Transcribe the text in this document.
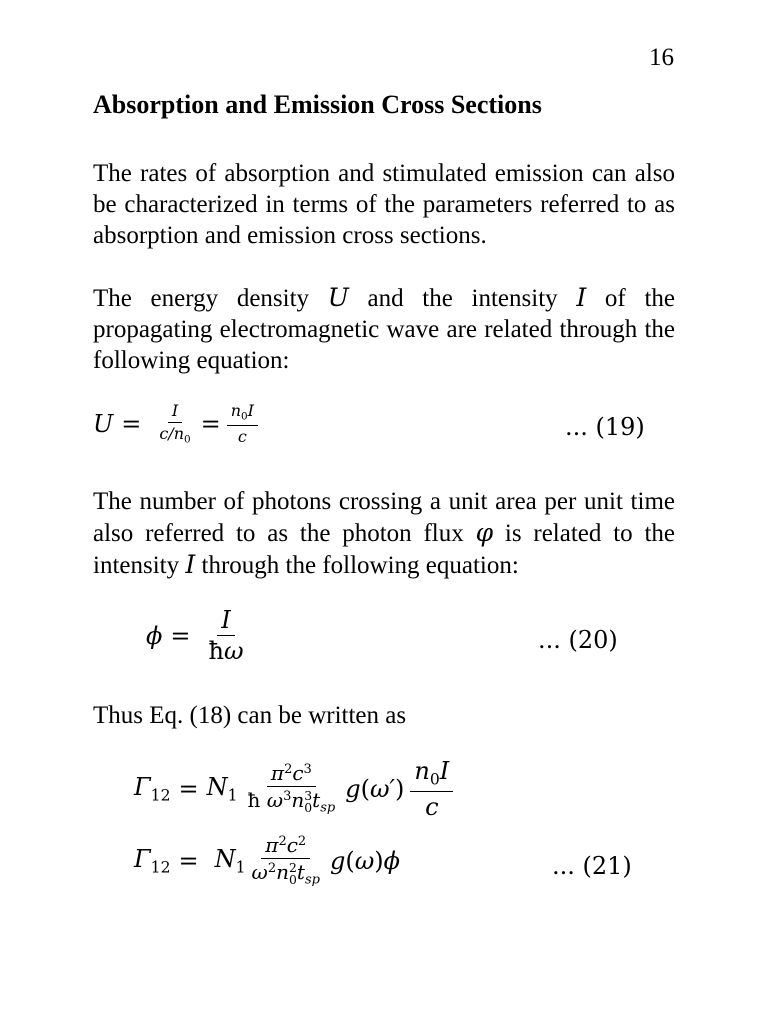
16
Absorption and Emission Cross Sections

The rates of absorption and stimulated emission can also be characterized in terms of the parameters referred to as absorption and emission cross sections.

The energy density U and the intensity I of the propagating electromagnetic wave are related through the following equation:

$U = \frac{I}{c/n_0} = \frac{n_0I}{c}$	... (19)

The number of photons crossing a unit area per unit time also referred to as the photon flux φ is related to the intensity I through the following equation:

$\phi = \frac{I}{ħ\omega}$	... (20)

Thus Eq. (18) can be written as

$\Gamma_{12} = N_1$ $\pi^2c^3$
ħ $\omega^3n$ 3
0 $t_{sp}$ g ( ω′ ) $\frac{n_0I}{c}$
$\Gamma_{12} = N_1$ $\pi^2c^2$
$\omega^2n$ 2
0 $t_{sp}$ g ( ω ) ϕ	... (21)
